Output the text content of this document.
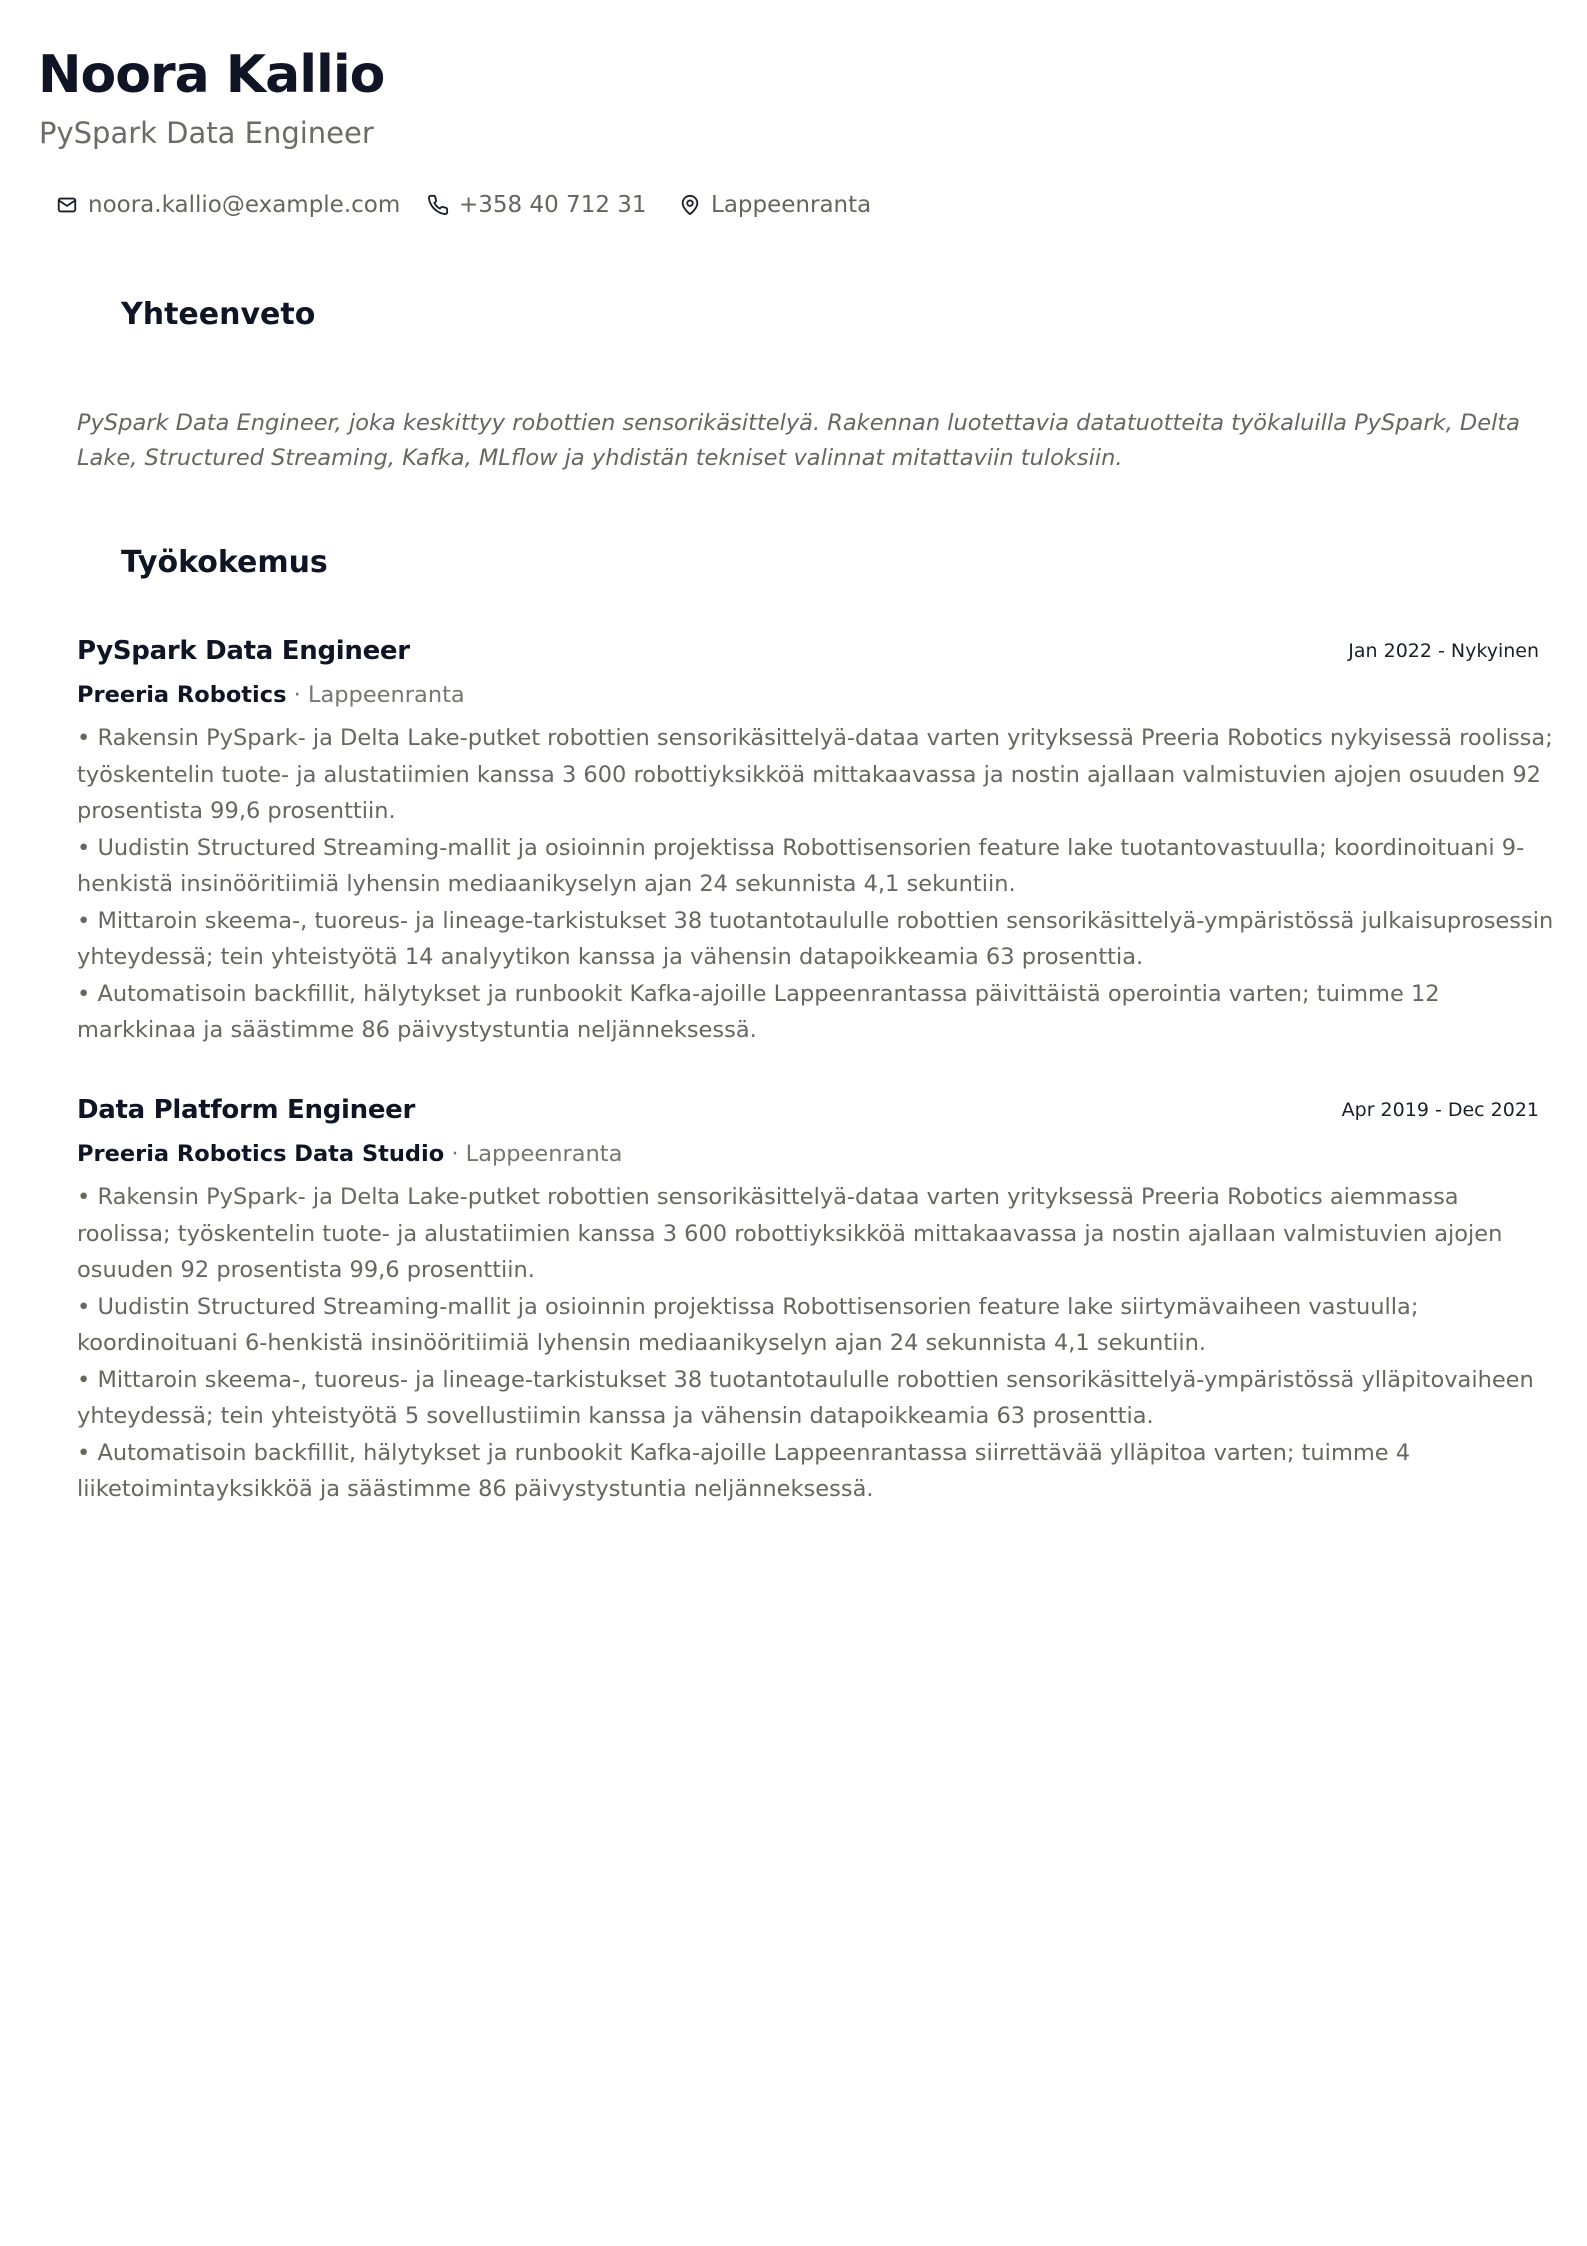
Noora Kallio
PySpark Data Engineer
noora.kallio@example.com	+358 40 712 31	Lappeenranta
Yhteenveto

PySpark Data Engineer, joka keskittyy robottien sensorikäsittelyä. Rakennan luotettavia datatuotteita työkaluilla PySpark, Delta Lake, Structured Streaming, Kafka, MLflow ja yhdistän tekniset valinnat mitattaviin tuloksiin.

Työkokemus
PySpark Data Engineer	Jan 2022 - Nykyinen
Preeria Robotics · Lappeenranta
• Rakensin PySpark- ja Delta Lake-putket robottien sensorikäsittelyä-dataa varten yrityksessä Preeria Robotics nykyisessä roolissa; työskentelin tuote- ja alustatiimien kanssa 3 600 robottiyksikköä mittakaavassa ja nostin ajallaan valmistuvien ajojen osuuden 92 prosentista 99,6 prosenttiin.
• Uudistin Structured Streaming-mallit ja osioinnin projektissa Robottisensorien feature lake tuotantovastuulla; koordinoituani 9-henkistä insinööritiimiä lyhensin mediaanikyselyn ajan 24 sekunnista 4,1 sekuntiin.
• Mittaroin skeema-, tuoreus- ja lineage-tarkistukset 38 tuotantotaululle robottien sensorikäsittelyä-ympäristössä julkaisuprosessin yhteydessä; tein yhteistyötä 14 analyytikon kanssa ja vähensin datapoikkeamia 63 prosenttia.
• Automatisoin backfillit, hälytykset ja runbookit Kafka-ajoille Lappeenrantassa päivittäistä operointia varten; tuimme 12 markkinaa ja säästimme 86 päivystystuntia neljänneksessä.
Data Platform Engineer	Apr 2019 - Dec 2021
Preeria Robotics Data Studio · Lappeenranta
• Rakensin PySpark- ja Delta Lake-putket robottien sensorikäsittelyä-dataa varten yrityksessä Preeria Robotics aiemmassa roolissa; työskentelin tuote- ja alustatiimien kanssa 3 600 robottiyksikköä mittakaavassa ja nostin ajallaan valmistuvien ajojen osuuden 92 prosentista 99,6 prosenttiin.
• Uudistin Structured Streaming-mallit ja osioinnin projektissa Robottisensorien feature lake siirtymävaiheen vastuulla; koordinoituani 6-henkistä insinööritiimiä lyhensin mediaanikyselyn ajan 24 sekunnista 4,1 sekuntiin.
• Mittaroin skeema-, tuoreus- ja lineage-tarkistukset 38 tuotantotaululle robottien sensorikäsittelyä-ympäristössä ylläpitovaiheen yhteydessä; tein yhteistyötä 5 sovellustiimin kanssa ja vähensin datapoikkeamia 63 prosenttia.
• Automatisoin backfillit, hälytykset ja runbookit Kafka-ajoille Lappeenrantassa siirrettävää ylläpitoa varten; tuimme 4 liiketoimintayksikköä ja säästimme 86 päivystystuntia neljänneksessä.
